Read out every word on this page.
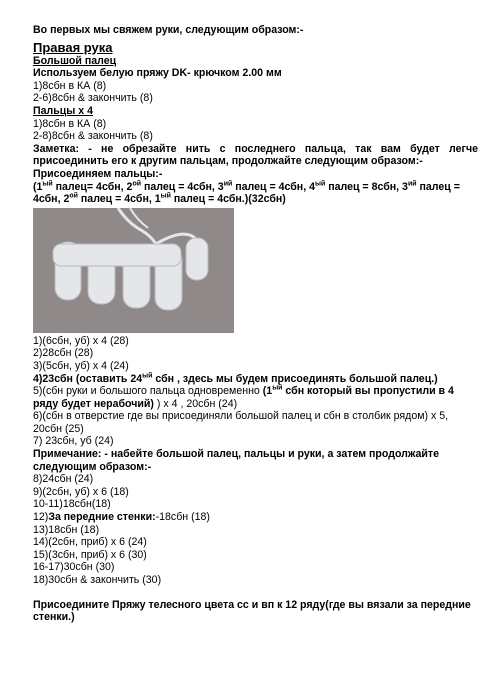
Во первых мы свяжем руки, следующим образом:-
Правая рука
Большой палец
Используем белую пряжу DK- крючком 2.00 мм
1)8сбн в КА (8)
2-6)8сбн & закончить (8)
Пальцы х 4
1)8сбн в КА (8)
2-8)8сбн & закончить (8)
Заметка: - не обрезайте нить с последнего пальца, так вам будет легче присоединить его к другим пальцам, продолжайте следующим образом:-
Присоединяем пальцы:-
($1^{ый}$ палец= 4сбн, $2^{ой}$ палец = 4сбн, $3^{ий}$ палец = 4сбн, $4^{ый}$ палец = 8сбн, $3^{ий}$ палец = 4сбн, $2^{ой}$ палец = 4сбн, $1^{ый}$ палец = 4сбн.)(32сбн)
1)(6сбн, уб) х 4 (28)
2)28сбн (28)
3)(5сбн, уб) х 4 (24)
4)23сбн (оставить $24^{ый}$ сбн , здесь мы будем присоединять большой палец.)
5)(сбн руки и большого пальца одновременно ($1^{ый}$ сбн который вы пропустили в 4 ряду будет нерабочий) ) х 4 , 20сбн (24)
6)(сбн в отверстие где вы присоединяли большой палец и сбн в столбик рядом) х 5, 20сбн (25)
7) 23сбн, уб (24)
Примечание: - набейте большой палец, пальцы и руки, а затем продолжайте следующим образом:-
8)24сбн (24)
9)(2сбн, уб) х 6 (18)
10-11)18сбн(18)
12)За передние стенки:-18сбн (18)
13)18сбн (18)
14)(2сбн, приб) х 6 (24)
15)(3сбн, приб) х 6 (30)
16-17)30сбн (30)
18)30сбн & закончить (30)
Присоедините Пряжу телесного цвета сс и вп к 12 ряду(где вы вязали за передние стенки.)
